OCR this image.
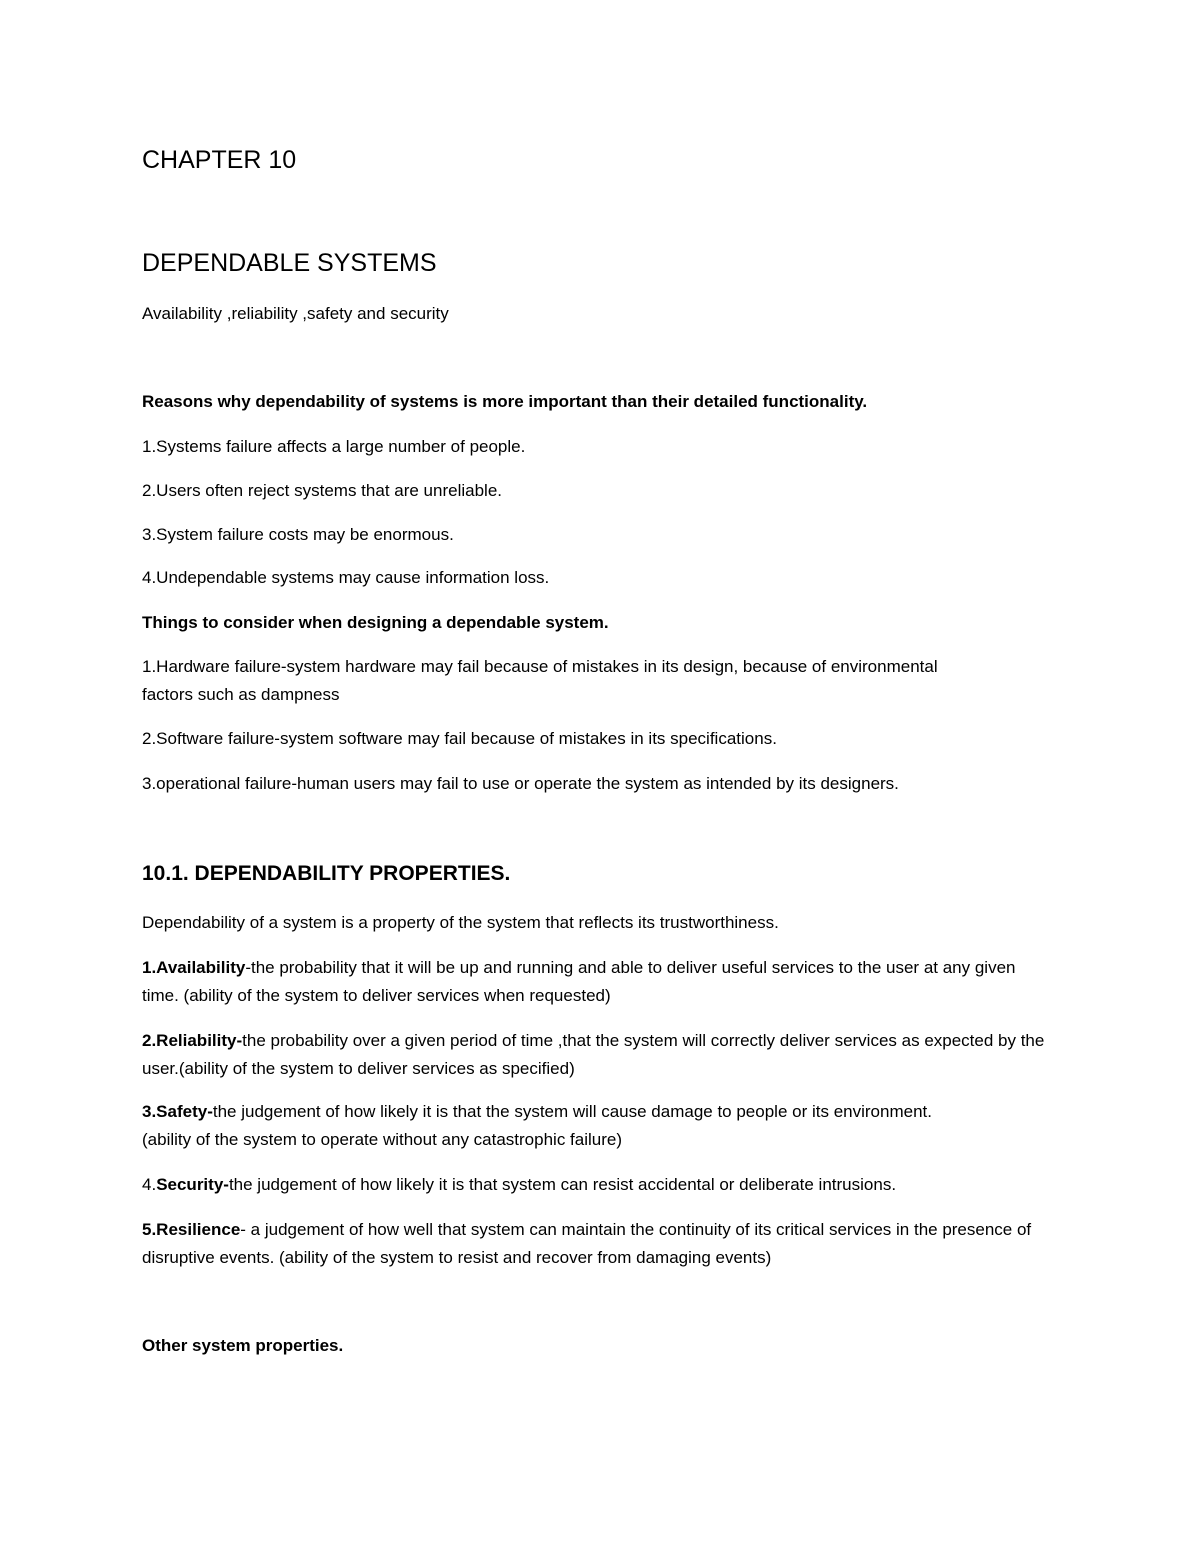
CHAPTER 10
DEPENDABLE SYSTEMS
Availability ,reliability ,safety and security
Reasons why dependability of systems is more important than their detailed functionality.
1.Systems failure affects a large number of people.
2.Users often reject systems that are unreliable.
3.System failure costs may be enormous.
4.Undependable systems may cause information loss.
Things to consider when designing a dependable system.
1.Hardware failure-system hardware may fail because of mistakes in its design, because of environmental factors such as dampness
2.Software failure-system software may fail because of mistakes in its specifications.
3.operational failure-human users may fail to use or operate the system as intended by its designers.
10.1. DEPENDABILITY PROPERTIES.
Dependability of a system is a property of the system that reflects its trustworthiness.
1.Availability-the probability that it will be up and running and able to deliver useful services to the user at any given time. (ability of the system to deliver services when requested)
2.Reliability-the probability over a given period of time ,that the system will correctly deliver services as expected by the user.(ability of the system to deliver services as specified)
3.Safety-the judgement of how likely it is that the system will cause damage to people or its environment. (ability of the system to operate without any catastrophic failure)
4.Security-the judgement of how likely it is that system can resist accidental or deliberate intrusions.
5.Resilience- a judgement of how well that system can maintain the continuity of its critical services in the presence of disruptive events. (ability of the system to resist and recover from damaging events)
Other system properties.
